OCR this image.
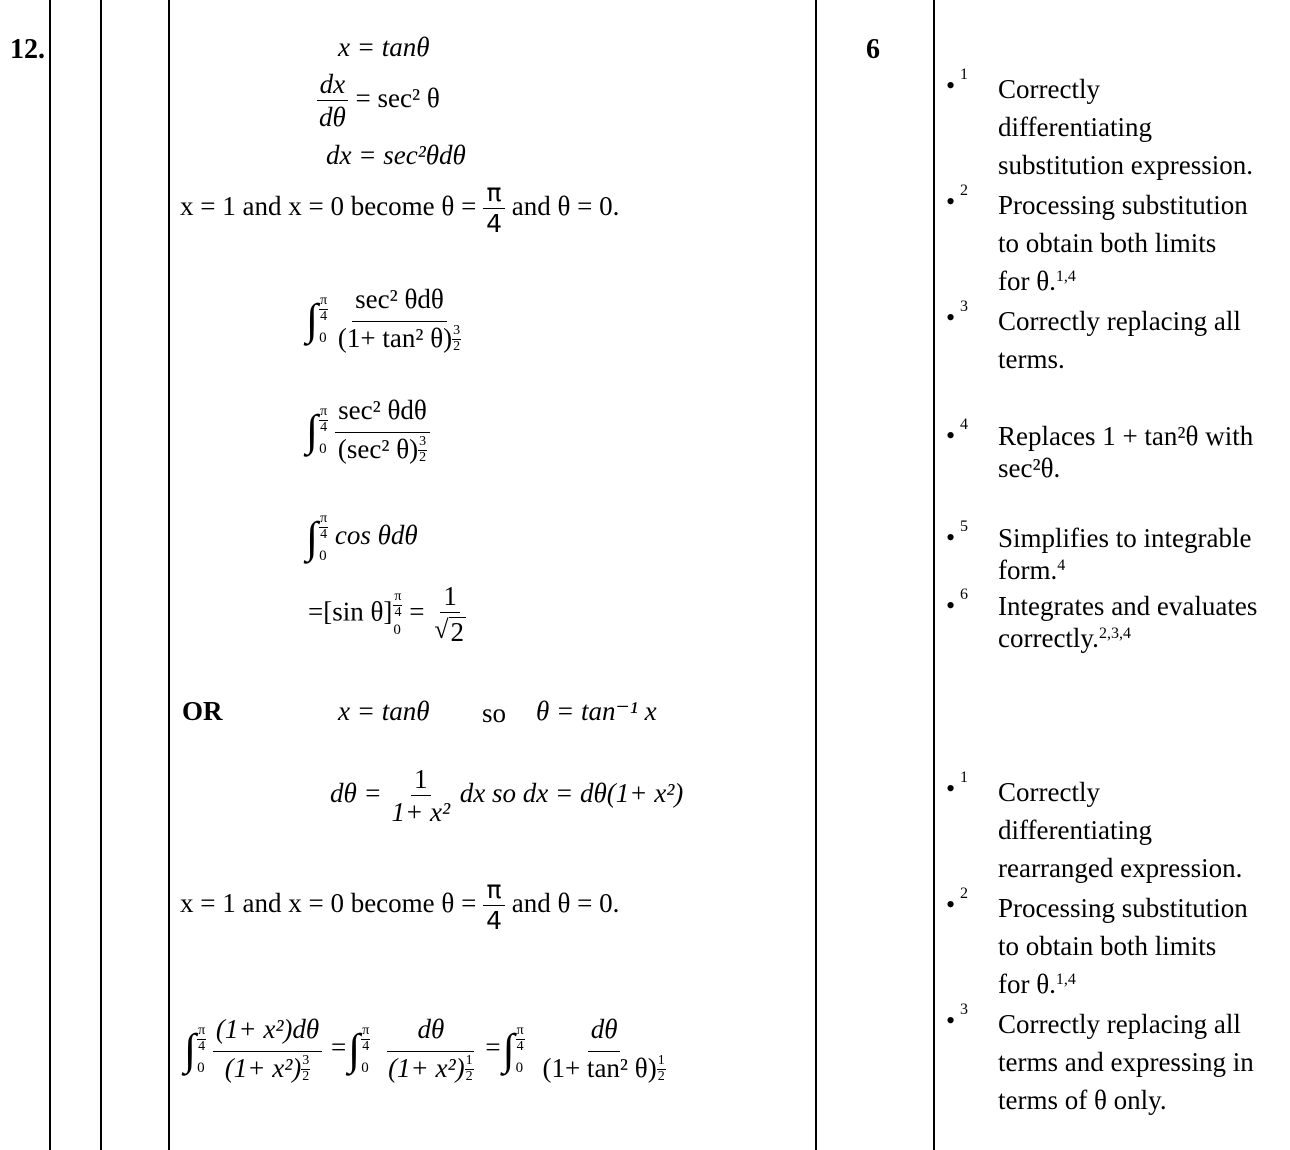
12.	6
x = tanθ
$\frac{dx}{d\theta} = \sec^2$ θ
dx = sec²θdθ
x = 1 and x = 0 become $\theta = \frac{\pi}{4}$ and θ = 0.
∫ π
4
0
$\frac{\text{sec² θdθ}}{(1+ \tan^2 \theta) \frac{3}{2}}$
∫ π
4
0
$\frac{\text{sec² θdθ}}{(\sec^2 \theta) \frac{3}{2}}$
∫ π
4
0
cos θdθ
=[sin θ] π
4
0
= $\frac{1}{√ 2}$
OR	x = tanθ so θ = tan⁻¹ x
$d\theta = \frac{1}{\text{1+ x²}}$ dx so dx = dθ(1+ x²)
x = 1 and x = 0 become $\theta = \frac{\pi}{4}$ and θ = 0.
∫ π
4
0
$\frac{\text{(1+ x²)dθ}}{(1+ x^2) \frac{3}{2}}$ =∫ π
4
0
$\frac{d\theta}{(1+ x^2) \frac{1}{2}}$ =∫ π
4
0
$\frac{d\theta}{(1+ \tan^2 \theta) \frac{1}{2}}$
• 1 Correctly
differentiating
substitution expression.
• 2 Processing substitution
to obtain both limits
for θ.$^{1,4}$
• 3 Correctly replacing all
terms.
• 4 Replaces 1 + tan²θ with
sec²θ.
• 5 Simplifies to integrable
form.$^4$
• 6 Integrates and evaluates
correctly.$^{2,3,4}$
• 1 Correctly
differentiating
rearranged expression.
• 2 Processing substitution
to obtain both limits
for θ.$^{1,4}$
• 3 Correctly replacing all
terms and expressing in
terms of θ only.
